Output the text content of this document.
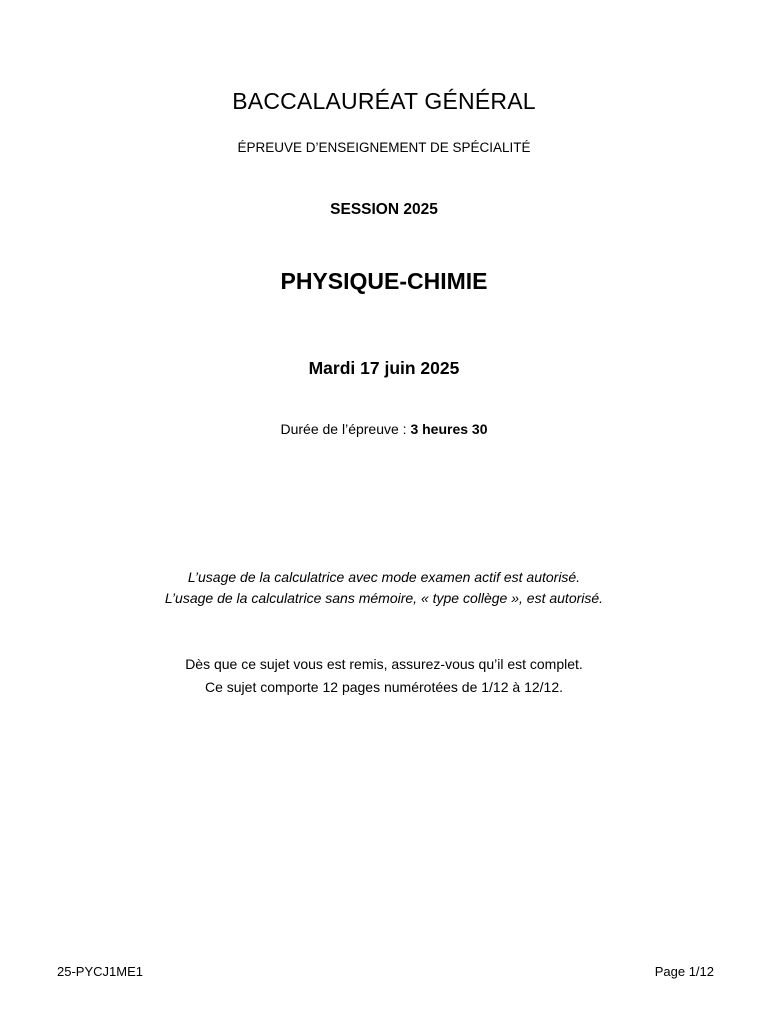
BACCALAURÉAT GÉNÉRAL
ÉPREUVE D’ENSEIGNEMENT DE SPÉCIALITÉ
SESSION 2025
PHYSIQUE-CHIMIE
Mardi 17 juin 2025
Durée de l’épreuve : 3 heures 30
L’usage de la calculatrice avec mode examen actif est autorisé.
L’usage de la calculatrice sans mémoire, « type collège », est autorisé.
Dès que ce sujet vous est remis, assurez-vous qu’il est complet.
Ce sujet comporte 12 pages numérotées de 1/12 à 12/12.
25-PYCJ1ME1	Page 1/12
